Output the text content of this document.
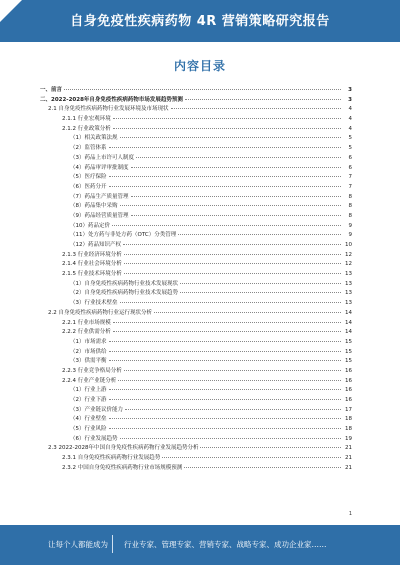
自身免疫性疾病药物 4R 营销策略研究报告
内容目录
一、前言	3
二、2022-2028年自身免疫性疾病药物市场发展趋势预测	3
2.1 自身免疫性疾病药物行业发展环境及市场现状	4
2.1.1 行业宏观环境	4
2.1.2 行业政策分析	4
（1）相关政策法规	5
（2）监管体系	5
（3）药品上市许可人制度	6
（4）药品审评审批制度	6
（5）医疗保险	7
（6）医药分开	7
（7）药品生产质量管理	8
（8）药品集中采购	8
（9）药品经营质量管理	8
（10）药品定价	9
（11）处方药与非处方药（OTC）分类管理	9
（12）药品知识产权	10
2.1.3 行业经济环境分析	12
2.1.4 行业社会环境分析	12
2.1.5 行业技术环境分析	13
（1）自身免疫性疾病药物行业技术发展现状	13
（2）自身免疫性疾病药物行业技术发展趋势	13
（3）行业技术壁垒	13
2.2 自身免疫性疾病药物行业运行现状分析	14
2.2.1 行业市场规模	14
2.2.2 行业供需分析	14
（1）市场需求	15
（2）市场供给	15
（3）供需平衡	15
2.2.3 行业竞争格局分析	16
2.2.4 行业产业链分析	16
（1）行业上游	16
（2）行业下游	16
（3）产业链议价能力	17
（4）行业壁垒	18
（5）行业风险	18
（6）行业发展趋势	19
2.3 2022-2028年中国自身免疫性疾病药物行业发展趋势分析	21
2.3.1 自身免疫性疾病药物行业发展趋势	21
2.3.2 中国自身免疫性疾病药物行业市场规模预测	21
1
让每个人都能成为 行业专家、管理专家、营销专家、战略专家、成功企业家……
